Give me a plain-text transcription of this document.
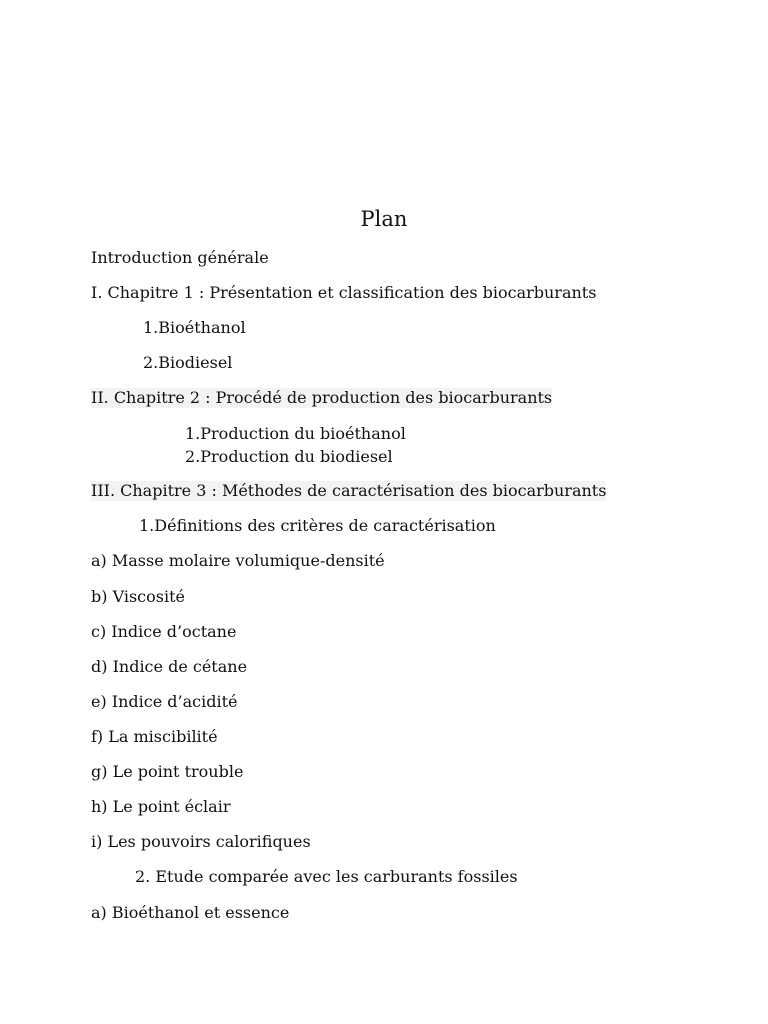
Plan
Introduction générale
I. Chapitre 1 : Présentation et classification des biocarburants
1.Bioéthanol
2.Biodiesel
II. Chapitre 2 : Procédé de production des biocarburants
1.Production du bioéthanol
2.Production du biodiesel
III. Chapitre 3 : Méthodes de caractérisation des biocarburants
1.Définitions des critères de caractérisation
a) Masse molaire volumique-densité
b) Viscosité
c) Indice d’octane
d) Indice de cétane
e) Indice d’acidité
f) La miscibilité
g) Le point trouble
h) Le point éclair
i) Les pouvoirs calorifiques
2. Etude comparée avec les carburants fossiles
a) Bioéthanol et essence
